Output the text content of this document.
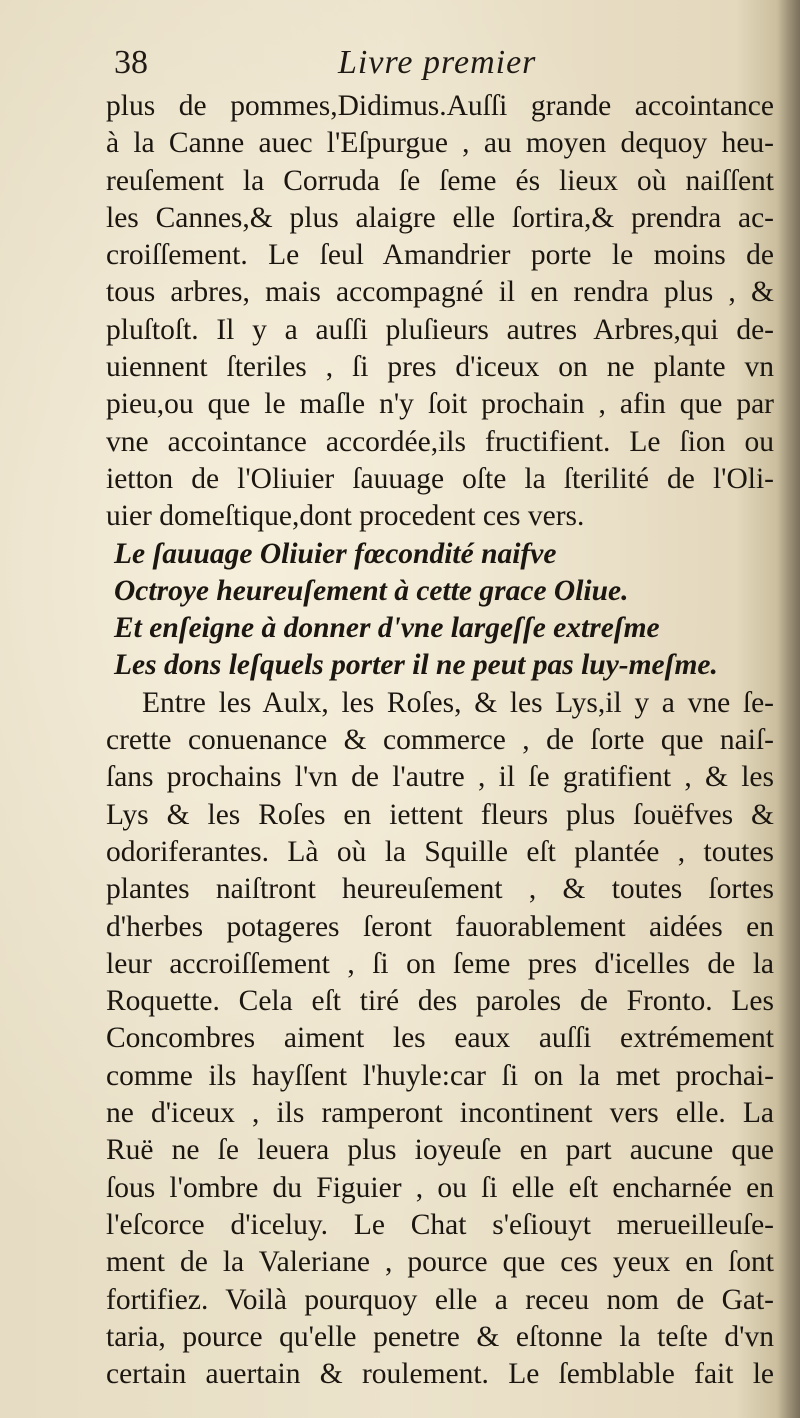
38	Livre premier
plus de pommes,Didimus.Auſſi grande accointance
à la Canne auec l'Eſpurgue , au moyen dequoy heu-
reuſement la Corruda ſe ſeme és lieux où naiſſent
les Cannes,& plus alaigre elle ſortira,& prendra ac-
croiſſement. Le ſeul Amandrier porte le moins de
tous arbres, mais accompagné il en rendra plus , &
pluſtoſt. Il y a auſſi pluſieurs autres Arbres,qui de-
uiennent ſteriles , ſi pres d'iceux on ne plante vn
pieu,ou que le maſle n'y ſoit prochain , afin que par
vne accointance accordée,ils fructifient. Le ſion ou
ietton de l'Oliuier ſauuage oſte la ſterilité de l'Oli-
uier domeſtique,dont procedent ces vers.
Le ſauuage Oliuier fœcondité naifve
Octroye heureuſement à cette grace Oliue.
Et enſeigne à donner d'vne largeſſe extreſme
Les dons leſquels porter il ne peut pas luy-meſme.
Entre les Aulx, les Roſes, & les Lys,il y a vne ſe-
crette conuenance & commerce , de ſorte que naiſ-
ſans prochains l'vn de l'autre , il ſe gratifient , & les
Lys & les Roſes en iettent fleurs plus ſouëfves &
odoriferantes. Là où la Squille eſt plantée , toutes
plantes naiſtront heureuſement , & toutes ſortes
d'herbes potageres ſeront fauorablement aidées en
leur accroiſſement , ſi on ſeme pres d'icelles de la
Roquette. Cela eſt tiré des paroles de Fronto. Les
Concombres aiment les eaux auſſi extrémement
comme ils hayſſent l'huyle:car ſi on la met prochai-
ne d'iceux , ils ramperont incontinent vers elle. La
Ruë ne ſe leuera plus ioyeuſe en part aucune que
ſous l'ombre du Figuier , ou ſi elle eſt encharnée en
l'eſcorce d'iceluy. Le Chat s'eſiouyt merueilleuſe-
ment de la Valeriane , pource que ces yeux en ſont
fortifiez. Voilà pourquoy elle a receu nom de Gat-
taria, pource qu'elle penetre & eſtonne la teſte d'vn
certain auertain & roulement. Le ſemblable fait le
